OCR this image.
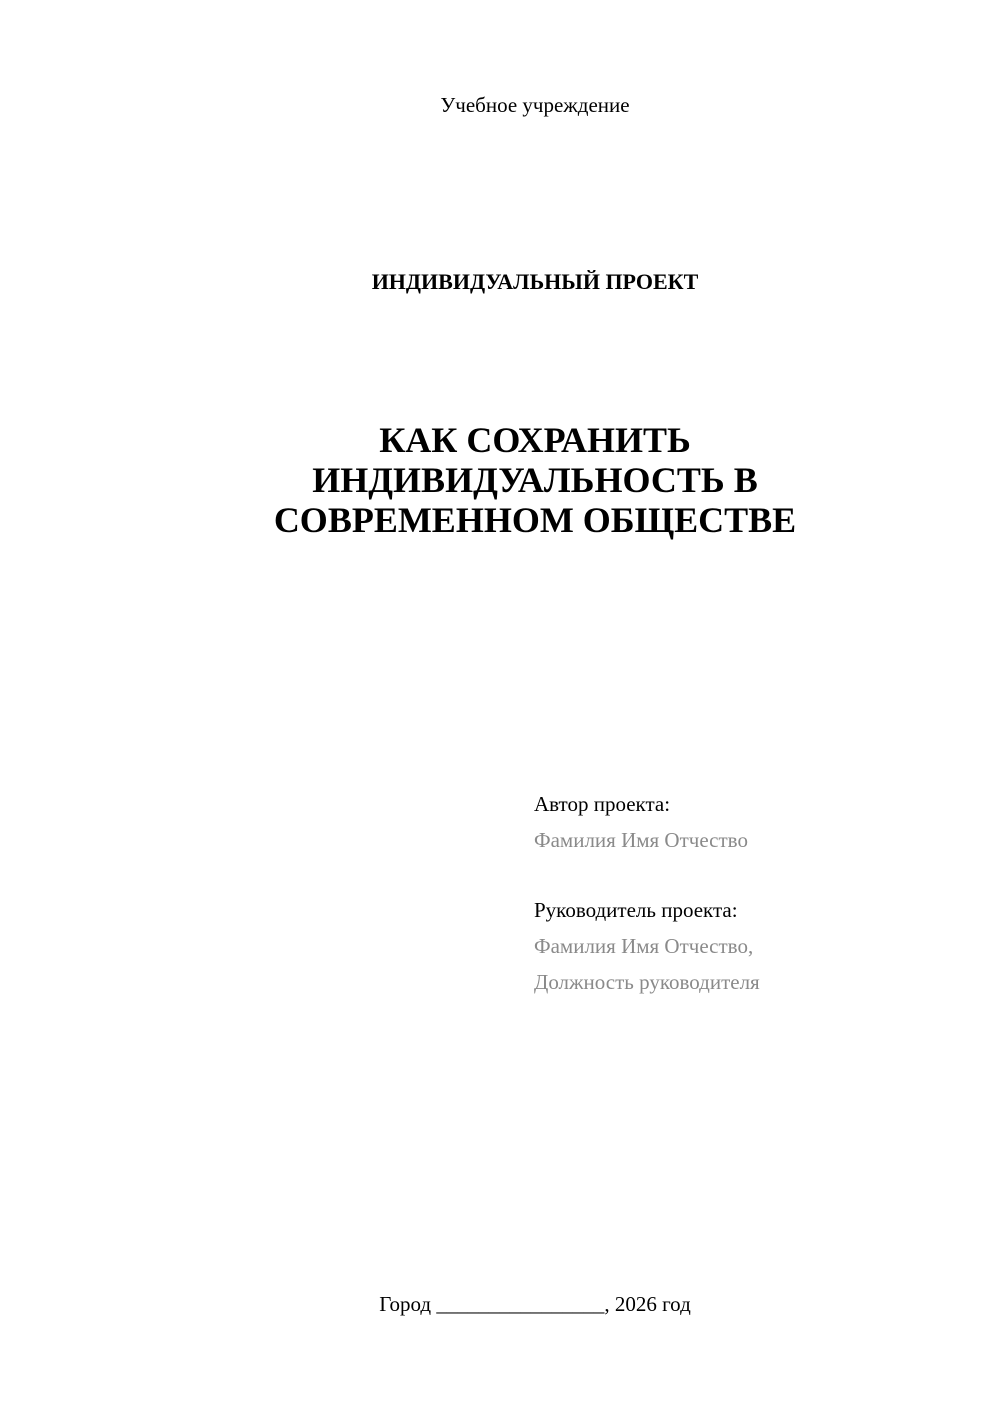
Учебное учреждение
ИНДИВИДУАЛЬНЫЙ ПРОЕКТ
КАК СОХРАНИТЬ
ИНДИВИДУАЛЬНОСТЬ В
СОВРЕМЕННОМ ОБЩЕСТВЕ
Автор проекта:
Фамилия Имя Отчество
Руководитель проекта:
Фамилия Имя Отчество,
Должность руководителя
Город ________________, 2026 год
